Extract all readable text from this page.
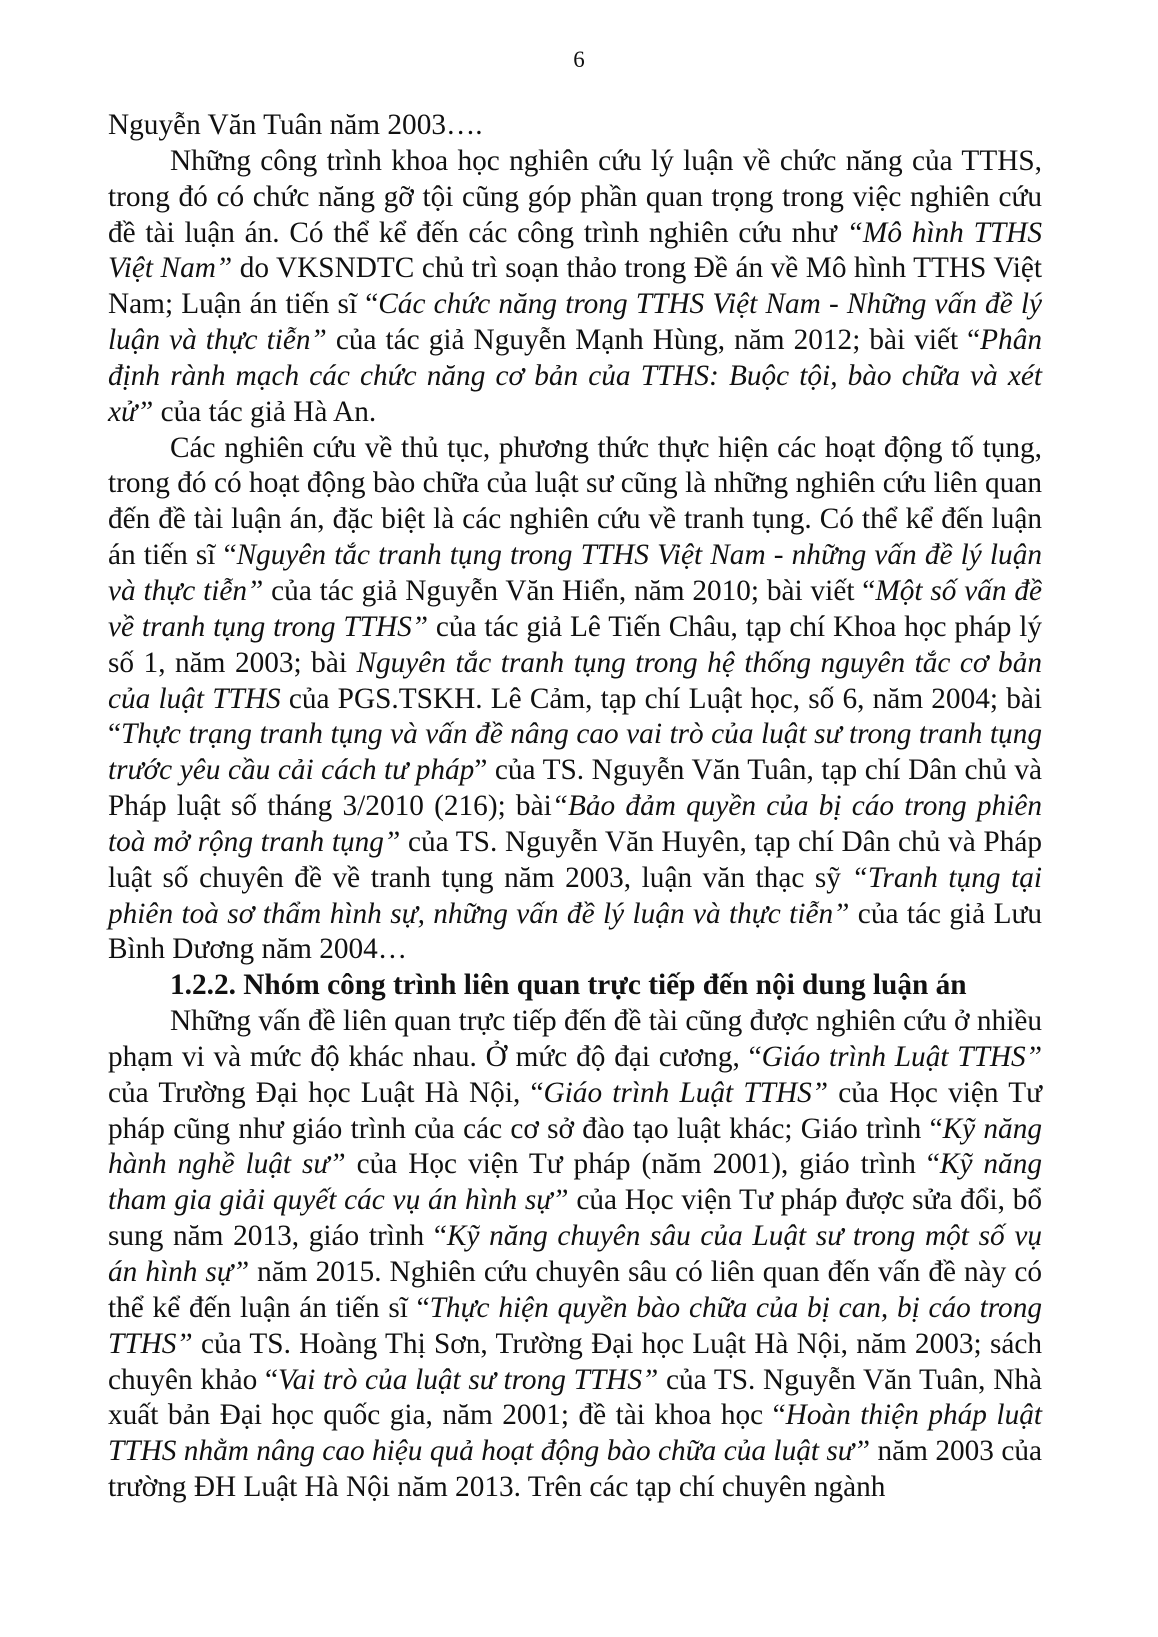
6

Nguyễn Văn Tuân năm 2003….

Những công trình khoa học nghiên cứu lý luận về chức năng của TTHS, trong đó có chức năng gỡ tội cũng góp phần quan trọng trong việc nghiên cứu đề tài luận án. Có thể kể đến các công trình nghiên cứu như “Mô hình TTHS Việt Nam” do VKSNDTC chủ trì soạn thảo trong Đề án về Mô hình TTHS Việt Nam; Luận án tiến sĩ “Các chức năng trong TTHS Việt Nam - Những vấn đề lý luận và thực tiễn” của tác giả Nguyễn Mạnh Hùng, năm 2012; bài viết “Phân định rành mạch các chức năng cơ bản của TTHS: Buộc tội, bào chữa và xét xử” của tác giả Hà An.

Các nghiên cứu về thủ tục, phương thức thực hiện các hoạt động tố tụng, trong đó có hoạt động bào chữa của luật sư cũng là những nghiên cứu liên quan đến đề tài luận án, đặc biệt là các nghiên cứu về tranh tụng. Có thể kể đến luận án tiến sĩ “Nguyên tắc tranh tụng trong TTHS Việt Nam - những vấn đề lý luận và thực tiễn” của tác giả Nguyễn Văn Hiển, năm 2010; bài viết “Một số vấn đề về tranh tụng trong TTHS” của tác giả Lê Tiến Châu, tạp chí Khoa học pháp lý số 1, năm 2003; bài Nguyên tắc tranh tụng trong hệ thống nguyên tắc cơ bản của luật TTHS của PGS.TSKH. Lê Cảm, tạp chí Luật học, số 6, năm 2004; bài “Thực trạng tranh tụng và vấn đề nâng cao vai trò của luật sư trong tranh tụng trước yêu cầu cải cách tư pháp” của TS. Nguyễn Văn Tuân, tạp chí Dân chủ và Pháp luật số tháng 3/2010 (216); bài“Bảo đảm quyền của bị cáo trong phiên toà mở rộng tranh tụng” của TS. Nguyễn Văn Huyên, tạp chí Dân chủ và Pháp luật số chuyên đề về tranh tụng năm 2003, luận văn thạc sỹ “Tranh tụng tại phiên toà sơ thẩm hình sự, những vấn đề lý luận và thực tiễn” của tác giả Lưu Bình Dương năm 2004…

1.2.2. Nhóm công trình liên quan trực tiếp đến nội dung luận án

Những vấn đề liên quan trực tiếp đến đề tài cũng được nghiên cứu ở nhiều phạm vi và mức độ khác nhau. Ở mức độ đại cương, “Giáo trình Luật TTHS” của Trường Đại học Luật Hà Nội, “Giáo trình Luật TTHS” của Học viện Tư pháp cũng như giáo trình của các cơ sở đào tạo luật khác; Giáo trình “Kỹ năng hành nghề luật sư” của Học viện Tư pháp (năm 2001), giáo trình “Kỹ năng tham gia giải quyết các vụ án hình sự” của Học viện Tư pháp được sửa đổi, bổ sung năm 2013, giáo trình “Kỹ năng chuyên sâu của Luật sư trong một số vụ án hình sự” năm 2015. Nghiên cứu chuyên sâu có liên quan đến vấn đề này có thể kể đến luận án tiến sĩ “Thực hiện quyền bào chữa của bị can, bị cáo trong TTHS” của TS. Hoàng Thị Sơn, Trường Đại học Luật Hà Nội, năm 2003; sách chuyên khảo “Vai trò của luật sư trong TTHS” của TS. Nguyễn Văn Tuân, Nhà xuất bản Đại học quốc gia, năm 2001; đề tài khoa học “Hoàn thiện pháp luật TTHS nhằm nâng cao hiệu quả hoạt động bào chữa của luật sư” năm 2003 của trường ĐH Luật Hà Nội năm 2013. Trên các tạp chí chuyên ngành
